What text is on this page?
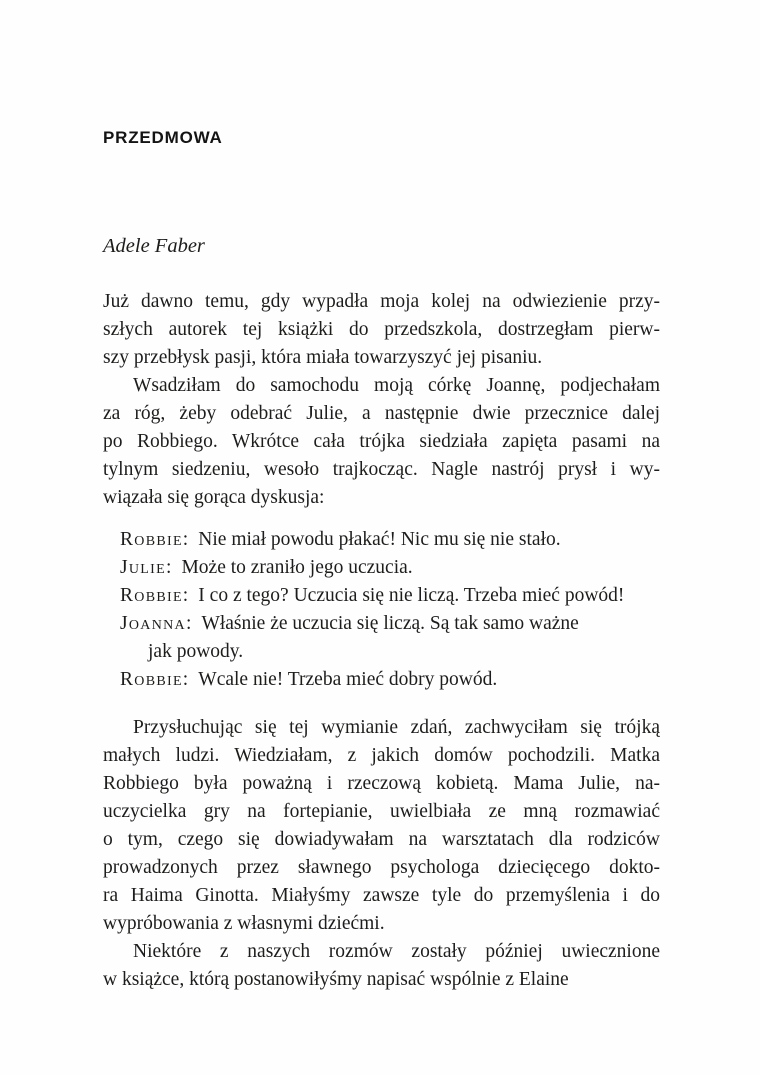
PRZEDMOWA

Adele Faber

Już dawno temu, gdy wypadła moja kolej na odwiezienie przy-
szłych autorek tej książki do przedszkola, dostrzegłam pierw-
szy przebłysk pasji, która miała towarzyszyć jej pisaniu.
Wsadziłam do samochodu moją córkę Joannę, podjechałam
za róg, żeby odebrać Julie, a następnie dwie przecznice dalej
po Robbiego. Wkrótce cała trójka siedziała zapięta pasami na
tylnym siedzeniu, wesoło trajkocząc. Nagle nastrój prysł i wy-
wiązała się gorąca dyskusja:
Robbie: Nie miał powodu płakać! Nic mu się nie stało.
Julie: Może to zraniło jego uczucia.
Robbie: I co z tego? Uczucia się nie liczą. Trzeba mieć powód!
Joanna: Właśnie że uczucia się liczą. Są tak samo ważne
jak powody.
Robbie: Wcale nie! Trzeba mieć dobry powód.
Przysłuchując się tej wymianie zdań, zachwyciłam się trójką
małych ludzi. Wiedziałam, z jakich domów pochodzili. Matka
Robbiego była poważną i rzeczową kobietą. Mama Julie, na-
uczycielka gry na fortepianie, uwielbiała ze mną rozmawiać
o tym, czego się dowiadywałam na warsztatach dla rodziców
prowadzonych przez sławnego psychologa dziecięcego dokto-
ra Haima Ginotta. Miałyśmy zawsze tyle do przemyślenia i do
wypróbowania z własnymi dziećmi.
Niektóre z naszych rozmów zostały później uwiecznione
w książce, którą postanowiłyśmy napisać wspólnie z Elaine
